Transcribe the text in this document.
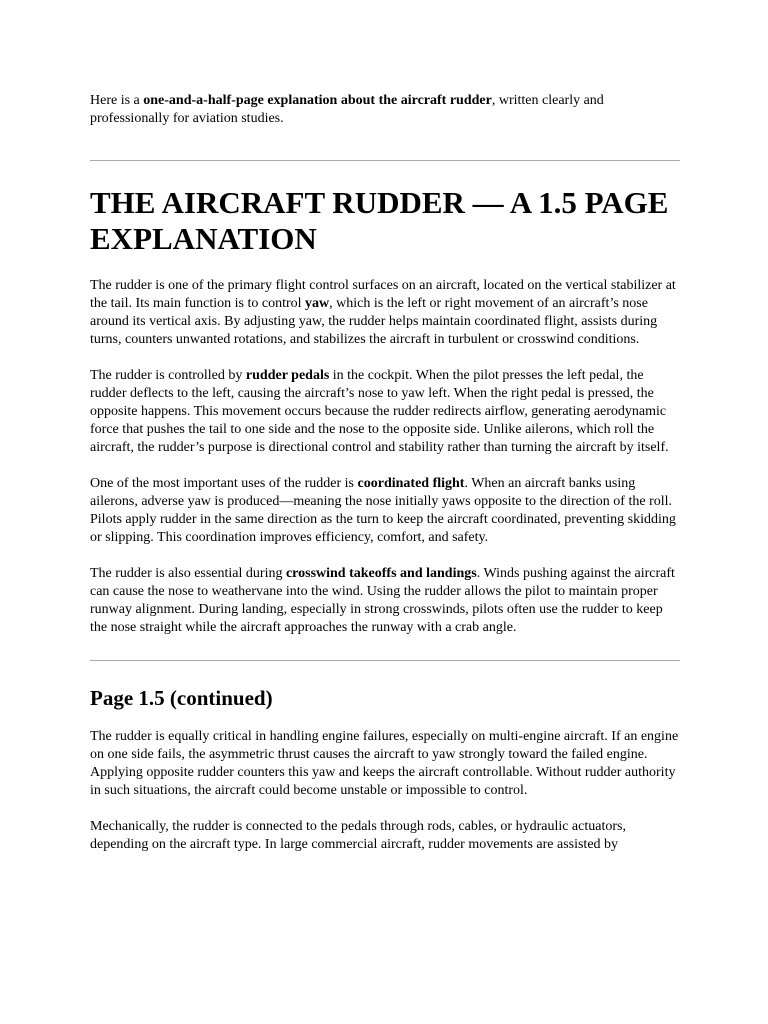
Here is a one-and-a-half-page explanation about the aircraft rudder, written clearly and professionally for aviation studies.

THE AIRCRAFT RUDDER — A 1.5 PAGE EXPLANATION

The rudder is one of the primary flight control surfaces on an aircraft, located on the vertical stabilizer at the tail. Its main function is to control yaw, which is the left or right movement of an aircraft’s nose around its vertical axis. By adjusting yaw, the rudder helps maintain coordinated flight, assists during turns, counters unwanted rotations, and stabilizes the aircraft in turbulent or crosswind conditions.

The rudder is controlled by rudder pedals in the cockpit. When the pilot presses the left pedal, the rudder deflects to the left, causing the aircraft’s nose to yaw left. When the right pedal is pressed, the opposite happens. This movement occurs because the rudder redirects airflow, generating aerodynamic force that pushes the tail to one side and the nose to the opposite side. Unlike ailerons, which roll the aircraft, the rudder’s purpose is directional control and stability rather than turning the aircraft by itself.

One of the most important uses of the rudder is coordinated flight. When an aircraft banks using ailerons, adverse yaw is produced—meaning the nose initially yaws opposite to the direction of the roll. Pilots apply rudder in the same direction as the turn to keep the aircraft coordinated, preventing skidding or slipping. This coordination improves efficiency, comfort, and safety.

The rudder is also essential during crosswind takeoffs and landings. Winds pushing against the aircraft can cause the nose to weathervane into the wind. Using the rudder allows the pilot to maintain proper runway alignment. During landing, especially in strong crosswinds, pilots often use the rudder to keep the nose straight while the aircraft approaches the runway with a crab angle.

Page 1.5 (continued)

The rudder is equally critical in handling engine failures, especially on multi-engine aircraft. If an engine on one side fails, the asymmetric thrust causes the aircraft to yaw strongly toward the failed engine. Applying opposite rudder counters this yaw and keeps the aircraft controllable. Without rudder authority in such situations, the aircraft could become unstable or impossible to control.

Mechanically, the rudder is connected to the pedals through rods, cables, or hydraulic actuators, depending on the aircraft type. In large commercial aircraft, rudder movements are assisted by
